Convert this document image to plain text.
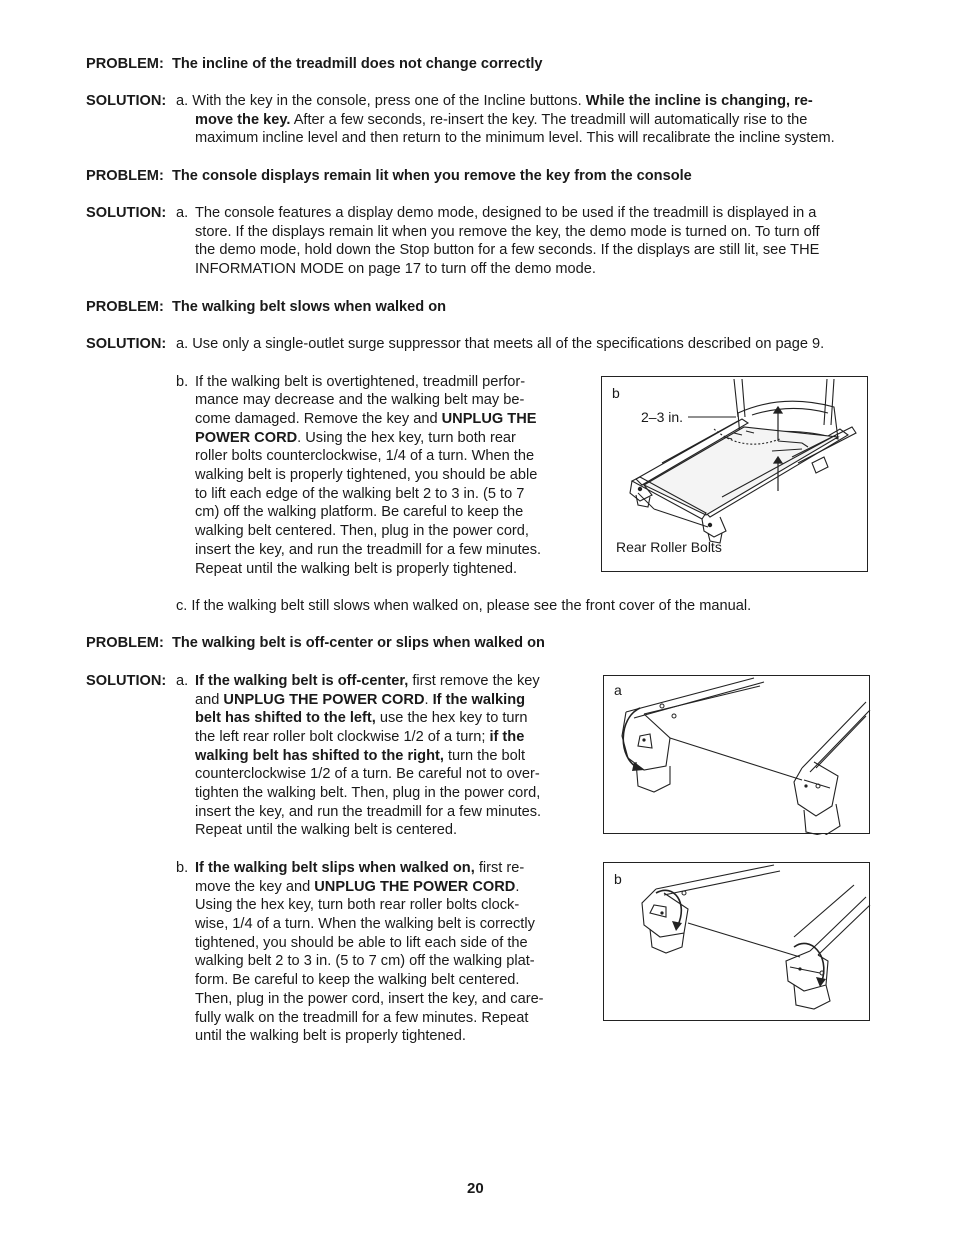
PROBLEM: The incline of the treadmill does not change correctly
SOLUTION: a. With the key in the console, press one of the Incline buttons. While the incline is changing, re-
move the key. After a few seconds, re-insert the key. The treadmill will automatically rise to the
maximum incline level and then return to the minimum level. This will recalibrate the incline system.
PROBLEM: The console displays remain lit when you remove the key from the console
SOLUTION: a. The console features a display demo mode, designed to be used if the treadmill is displayed in a
store. If the displays remain lit when you remove the key, the demo mode is turned on. To turn off
the demo mode, hold down the Stop button for a few seconds. If the displays are still lit, see THE
INFORMATION MODE on page 17 to turn off the demo mode.
PROBLEM: The walking belt slows when walked on
SOLUTION: a. Use only a single-outlet surge suppressor that meets all of the specifications described on page 9.
b. If the walking belt is overtightened, treadmill perfor-
mance may decrease and the walking belt may be-
come damaged. Remove the key and UNPLUG THE
POWER CORD. Using the hex key, turn both rear
roller bolts counterclockwise, 1/4 of a turn. When the
walking belt is properly tightened, you should be able
to lift each edge of the walking belt 2 to 3 in. (5 to 7
cm) off the walking platform. Be careful to keep the
walking belt centered. Then, plug in the power cord,
insert the key, and run the treadmill for a few minutes.
Repeat until the walking belt is properly tightened.
b
2–3 in.
Rear Roller Bolts
c. If the walking belt still slows when walked on, please see the front cover of the manual.
PROBLEM: The walking belt is off-center or slips when walked on
SOLUTION: a. If the walking belt is off-center, first remove the key
and UNPLUG THE POWER CORD. If the walking
belt has shifted to the left, use the hex key to turn
the left rear roller bolt clockwise 1/2 of a turn; if the
walking belt has shifted to the right, turn the bolt
counterclockwise 1/2 of a turn. Be careful not to over-
tighten the walking belt. Then, plug in the power cord,
insert the key, and run the treadmill for a few minutes.
Repeat until the walking belt is centered.
a
b. If the walking belt slips when walked on, first re-
move the key and UNPLUG THE POWER CORD.
Using the hex key, turn both rear roller bolts clock-
wise, 1/4 of a turn. When the walking belt is correctly
tightened, you should be able to lift each side of the
walking belt 2 to 3 in. (5 to 7 cm) off the walking plat-
form. Be careful to keep the walking belt centered.
Then, plug in the power cord, insert the key, and care-
fully walk on the treadmill for a few minutes. Repeat
until the walking belt is properly tightened.
b
20
